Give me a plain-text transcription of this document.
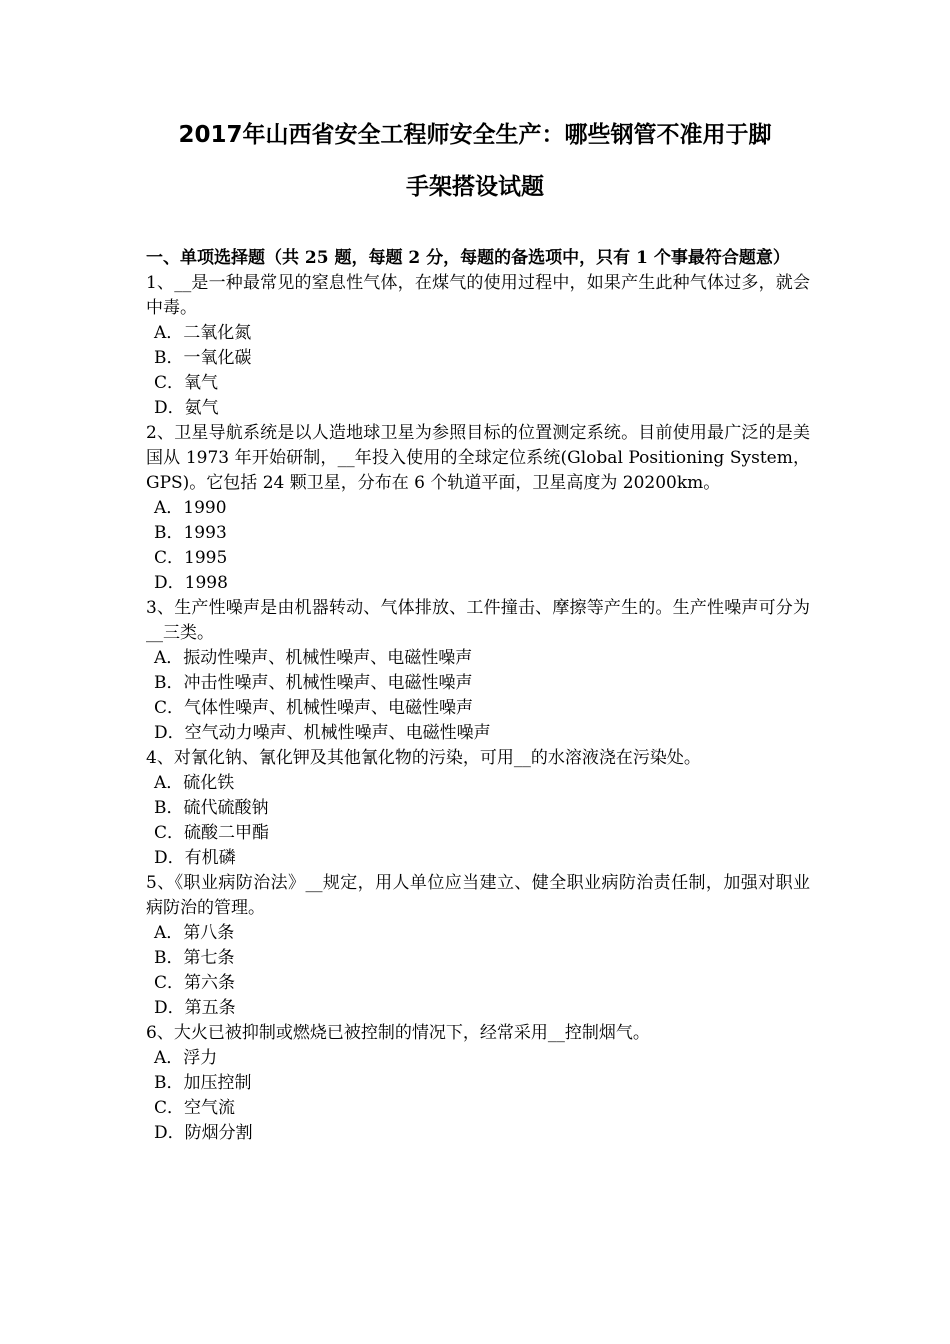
2017年山西省安全工程师安全生产：哪些钢管不准用于脚
手架搭设试题

一、单项选择题（共 25 题，每题 2 分，每题的备选项中，只有 1 个事最符合题意）

1、__是一种最常见的窒息性气体，在煤气的使用过程中，如果产生此种气体过多，就会中毒。

A．二氧化氮

B．一氧化碳

C．氧气

D．氨气

2、卫星导航系统是以人造地球卫星为参照目标的位置测定系统。目前使用最广泛的是美国从 1973 年开始研制，__年投入使用的全球定位系统(Global Positioning System，GPS)。它包括 24 颗卫星，分布在 6 个轨道平面，卫星高度为 20200km。

A．1990

B．1993

C．1995

D．1998

3、生产性噪声是由机器转动、气体排放、工件撞击、摩擦等产生的。生产性噪声可分为__三类。

A．振动性噪声、机械性噪声、电磁性噪声

B．冲击性噪声、机械性噪声、电磁性噪声

C．气体性噪声、机械性噪声、电磁性噪声

D．空气动力噪声、机械性噪声、电磁性噪声

4、对氰化钠、氰化钾及其他氰化物的污染，可用__的水溶液浇在污染处。

A．硫化铁

B．硫代硫酸钠

C．硫酸二甲酯

D．有机磷

5、《职业病防治法》__规定，用人单位应当建立、健全职业病防治责任制，加强对职业病防治的管理。

A．第八条

B．第七条

C．第六条

D．第五条

6、大火已被抑制或燃烧已被控制的情况下，经常采用__控制烟气。

A．浮力

B．加压控制

C．空气流

D．防烟分割
